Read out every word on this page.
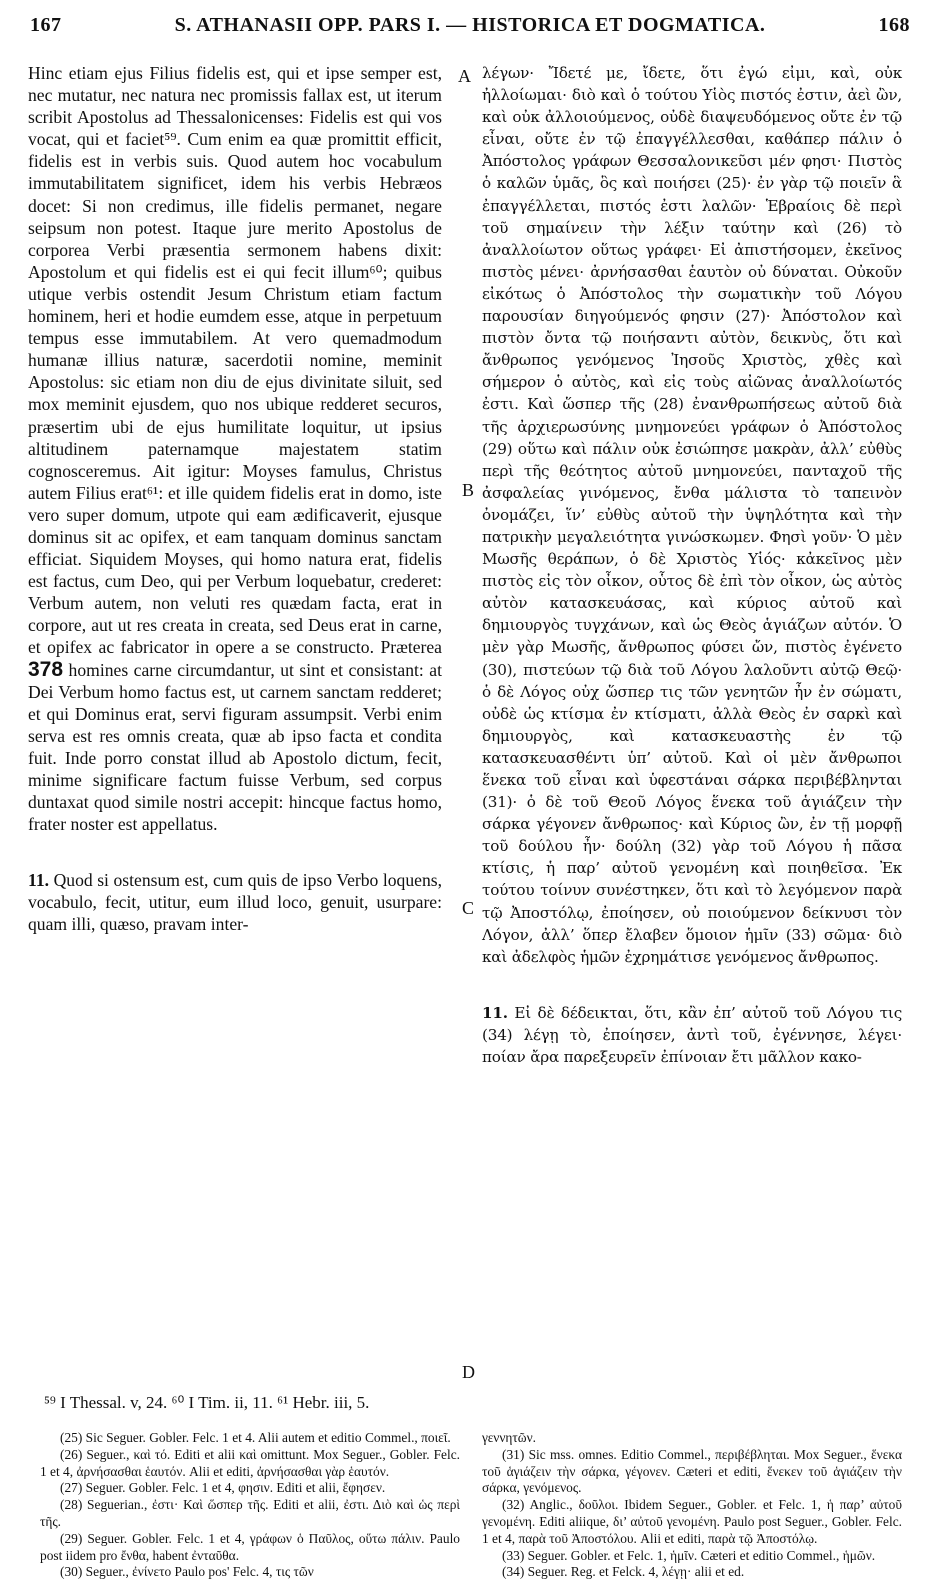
167	S. ATHANASII OPP. PARS I. — HISTORICA ET DOGMATICA.	168

Hinc etiam ejus Filius fidelis est, qui et ipse semper est, nec mutatur, nec natura nec promissis fallax est, ut iterum scribit Apostolus ad Thessalonicenses: Fidelis est qui vos vocat, qui et faciet⁵⁹. Cum enim ea quæ promittit efficit, fidelis est in verbis suis. Quod autem hoc vocabulum immutabilitatem significet, idem his verbis Hebræos docet: Si non credimus, ille fidelis permanet, negare seipsum non potest. Itaque jure merito Apostolus de corporea Verbi præsentia sermonem habens dixit: Apostolum et qui fidelis est ei qui fecit illum⁶⁰; quibus utique verbis ostendit Jesum Christum etiam factum hominem, heri et hodie eumdem esse, atque in perpetuum tempus esse immutabilem. At vero quemadmodum humanæ illius naturæ, sacerdotii nomine, meminit Apostolus: sic etiam non diu de ejus divinitate siluit, sed mox meminit ejusdem, quo nos ubique redderet securos, præsertim ubi de ejus humilitate loquitur, ut ipsius altitudinem paternamque majestatem statim cognosceremus. Ait igitur: Moyses famulus, Christus autem Filius erat⁶¹: et ille quidem fidelis erat in domo, iste vero super domum, utpote qui eam ædificaverit, ejusque dominus sit ac opifex, et eam tanquam dominus sanctam efficiat. Siquidem Moyses, qui homo natura erat, fidelis est factus, cum Deo, qui per Verbum loquebatur, crederet: Verbum autem, non veluti res quædam facta, erat in corpore, aut ut res creata in creata, sed Deus erat in carne, et opifex ac fabricator in opere a se constructo. Præterea 378 homines carne circumdantur, ut sint et consistant: at Dei Verbum homo factus est, ut carnem sanctam redderet; et qui Dominus erat, servi figuram assumpsit. Verbi enim serva est res omnis creata, quæ ab ipso facta et condita fuit. Inde porro constat illud ab Apostolo dictum, fecit, minime significare factum fuisse Verbum, sed corpus duntaxat quod simile nostri accepit: hincque factus homo, frater noster est appellatus.

11. Quod si ostensum est, cum quis de ipso Verbo loquens, vocabulo, fecit, utitur, eum illud loco, genuit, usurpare: quam illi, quæso, pravam inter-

λέγων· Ἴδετέ με, ἴδετε, ὅτι ἐγώ εἰμι, καὶ, οὐκ ἠλλοίωμαι· διὸ καὶ ὁ τούτου Υἱὸς πιστός ἐστιν, ἀεὶ ὢν, καὶ οὐκ ἀλλοιούμενος, οὐδὲ διαψευδόμενος οὔτε ἐν τῷ εἶναι, οὔτε ἐν τῷ ἐπαγγέλλεσθαι, καθάπερ πάλιν ὁ Ἀπόστολος γράφων Θεσσαλονικεῦσι μέν φησι· Πιστὸς ὁ καλῶν ὑμᾶς, ὃς καὶ ποιήσει (25)· ἐν γὰρ τῷ ποιεῖν ἃ ἐπαγγέλλεται, πιστός ἐστι λαλῶν· Ἑβραίοις δὲ περὶ τοῦ σημαίνειν τὴν λέξιν ταύτην καὶ (26) τὸ ἀναλλοίωτον οὕτως γράφει· Εἰ ἀπιστήσομεν, ἐκεῖνος πιστὸς μένει· ἀρνήσασθαι ἑαυτὸν οὐ δύναται. Οὐκοῦν εἰκότως ὁ Ἀπόστολος τὴν σωματικὴν τοῦ Λόγου παρουσίαν διηγούμενός φησιν (27)· Ἀπόστολον καὶ πιστὸν ὄντα τῷ ποιήσαντι αὐτὸν, δεικνὺς, ὅτι καὶ ἄνθρωπος γενόμενος Ἰησοῦς Χριστὸς, χθὲς καὶ σήμερον ὁ αὐτὸς, καὶ εἰς τοὺς αἰῶνας ἀναλλοίωτός ἐστι. Καὶ ὥσπερ τῆς (28) ἐνανθρωπήσεως αὐτοῦ διὰ τῆς ἀρχιερωσύνης μνημονεύει γράφων ὁ Ἀπόστολος (29) οὕτω καὶ πάλιν οὐκ ἐσιώπησε μακρὰν, ἀλλ’ εὐθὺς περὶ τῆς θεότητος αὐτοῦ μνημονεύει, πανταχοῦ τῆς ἀσφαλείας γινόμενος, ἔνθα μάλιστα τὸ ταπεινὸν ὀνομάζει, ἵν’ εὐθὺς αὐτοῦ τὴν ὑψηλότητα καὶ τὴν πατρικὴν μεγαλειότητα γινώσκωμεν. Φησὶ γοῦν· Ὁ μὲν Μωσῆς θεράπων, ὁ δὲ Χριστὸς Υἱός· κἀκεῖνος μὲν πιστὸς εἰς τὸν οἶκον, οὗτος δὲ ἐπὶ τὸν οἶκον, ὡς αὐτὸς αὐτὸν κατασκευάσας, καὶ κύριος αὐτοῦ καὶ δημιουργὸς τυγχάνων, καὶ ὡς Θεὸς ἁγιάζων αὐτόν. Ὁ μὲν γὰρ Μωσῆς, ἄνθρωπος φύσει ὤν, πιστὸς ἐγένετο (30), πιστεύων τῷ διὰ τοῦ Λόγου λαλοῦντι αὐτῷ Θεῷ· ὁ δὲ Λόγος οὐχ ὥσπερ τις τῶν γενητῶν ἦν ἐν σώματι, οὐδὲ ὡς κτίσμα ἐν κτίσματι, ἀλλὰ Θεὸς ἐν σαρκὶ καὶ δημιουργὸς, καὶ κατασκευαστὴς ἐν τῷ κατασκευασθέντι ὑπ’ αὐτοῦ. Καὶ οἱ μὲν ἄνθρωποι ἕνεκα τοῦ εἶναι καὶ ὑφεστάναι σάρκα περιβέβληνται (31)· ὁ δὲ τοῦ Θεοῦ Λόγος ἕνεκα τοῦ ἁγιάζειν τὴν σάρκα γέγονεν ἄνθρωπος· καὶ Κύριος ὢν, ἐν τῇ μορφῇ τοῦ δούλου ἦν· δούλη (32) γὰρ τοῦ Λόγου ἡ πᾶσα κτίσις, ἡ παρ’ αὐτοῦ γενομένη καὶ ποιηθεῖσα. Ἐκ τούτου τοίνυν συνέστηκεν, ὅτι καὶ τὸ λεγόμενον παρὰ τῷ Ἀποστόλῳ, ἐποίησεν, οὐ ποιούμενον δείκνυσι τὸν Λόγον, ἀλλ’ ὅπερ ἔλαβεν ὅμοιον ἡμῖν (33) σῶμα· διὸ καὶ ἀδελφὸς ἡμῶν ἐχρημάτισε γενόμενος ἄνθρωπος.

11. Εἰ δὲ δέδεικται, ὅτι, κἂν ἐπ’ αὐτοῦ τοῦ Λόγου τις (34) λέγῃ τὸ, ἐποίησεν, ἀντὶ τοῦ, ἐγέννησε, λέγει· ποίαν ἄρα παρεξευρεῖν ἐπίνοιαν ἔτι μᾶλλον κακο-

A
B
C
D
⁵⁹ I Thessal. v, 24. ⁶⁰ I Tim. ii, 11. ⁶¹ Hebr. iii, 5.

(25) Sic Seguer. Gobler. Felc. 1 et 4. Alii autem et editio Commel., ποιεῖ.

(26) Seguer., καὶ τό. Editi et alii καὶ omittunt. Mox Seguer., Gobler. Felc. 1 et 4, ἀρνήσασθαι ἑαυτόν. Alii et editi, ἀρνήσασθαι γὰρ ἑαυτόν.

(27) Seguer. Gobler. Felc. 1 et 4, φησιν. Editi et alii, ἔφησεν.

(28) Seguerian., ἐστι· Καὶ ὥσπερ τῆς. Editi et alii, ἐστι. Διὸ καὶ ὡς περὶ τῆς.

(29) Seguer. Gobler. Felc. 1 et 4, γράφων ὁ Παῦλος, οὕτω πάλιν. Paulo post iidem pro ἔνθα, habent ἐνταῦθα.

(30) Seguer., ἐνίνετο Paulo pos' Felc. 4, τις τῶν

γεννητῶν.

(31) Sic mss. omnes. Editio Commel., περιβέβληται. Mox Seguer., ἕνεκα τοῦ ἁγιάζειν τὴν σάρκα, γέγονεν. Cæteri et editi, ἕνεκεν τοῦ ἁγιάζειν τὴν σάρκα, γενόμενος.

(32) Anglic., δοῦλοι. Ibidem Seguer., Gobler. et Felc. 1, ἡ παρ’ αὐτοῦ γενομένη. Editi aliique, δι’ αὐτοῦ γενομένη. Paulo post Seguer., Gobler. Felc. 1 et 4, παρὰ τοῦ Ἀποστόλου. Alii et editi, παρὰ τῷ Ἀποστόλῳ.

(33) Seguer. Gobler. et Felc. 1, ἡμῖν. Cæteri et editio Commel., ἡμῶν.

(34) Seguer. Reg. et Felck. 4, λέγῃ· alii et ed.
